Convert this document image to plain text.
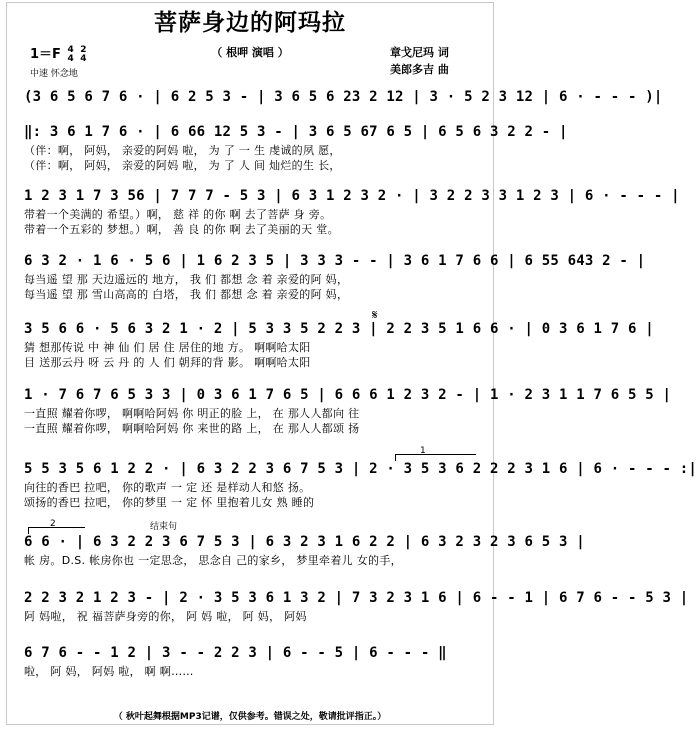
菩萨身边的阿玛拉
（ 根呷 演唱 ）	章戈尼玛 词
美郎多吉 曲
1＝F 4
4 2
4
中速 怀念地
(3 6 5 6 7 6 · | 6 2 5 3 - | 3 6 5 6 23 2 12 | 3 · 5 2 3 12 | 6 · - - - )|
‖: 3 6 1 7 6 · | 6 66 12 5 3 - | 3 6 5 67 6 5 | 6 5 6 3 2 2 - |
（伴：啊， 阿妈， 亲爱的阿妈 啦， 为 了 一 生 虔诚的夙 愿，
（伴：啊， 阿妈， 亲爱的阿妈 啦， 为 了 人 间 灿烂的生 长，
1 2 3 1 7 3 56 | 7 7 7 - 5 3 | 6 3 1 2 3 2 · | 3 2 2 3 3 1 2 3 | 6 · - - - |
带着一个美满的 希望。）啊， 慈 祥 的你 啊 去了菩萨 身 旁。
带着一个五彩的 梦想。）啊， 善 良 的你 啊 去了美丽的天 堂。
6 3 2 · 1 6 · 5 6 | 1 6 2 3 5 | 3 3 3 - - | 3 6 1 7 6 6 | 6 55 643 2 - |
每当遥 望 那 天边遥远的 地方， 我 们 都想 念 着 亲爱的阿 妈，
每当遥 望 那 雪山高高的 白塔， 我 们 都想 念 着 亲爱的阿 妈，
𝄋
3 5 6 6 · 5 6 3 2 1 · 2 | 5 3 3 5 2 2 3 | 2 2 3 5 1 6 6 · | 0 3 6 1 7 6 |
猜 想那传说 中 神 仙 们 居 住 居住的地 方。 啊啊哈太阳
目 送那云丹 呀 云 丹 的 人 们 朝拜的背 影。 啊啊哈太阳
1 · 7 6 7 6 5 3 3 | 0 3 6 1 7 6 5 | 6 6 6 1 2 3 2 - | 1 · 2 3 1 1 7 6 5 5 |
一直照 耀着你啰， 啊啊哈阿妈 你 明正的脸 上， 在 那人人都向 往
一直照 耀着你啰， 啊啊哈阿妈 你 来世的路 上， 在 那人人都颂 扬
1
5 5 3 5 6 1 2 2 · | 6 3 2 2 3 6 7 5 3 | 2 · 3 5 3 6 2 2 2 3 1 6 | 6 · - - - :|
向往的香巴 拉吧， 你的歌声 一 定 还 是样动人和悠 扬。
颂扬的香巴 拉吧， 你的梦里 一 定 怀 里抱着儿女 熟 睡的
2	结束句
6 6 · | 6 3 2 2 3 6 7 5 3 | 6 3 2 3 1 6 2 2 | 6 3 2 3 2 3 6 5 3 |
帐 房。D.S. 帐房你也 一定思念， 思念自 己的家乡， 梦里牵着儿 女的手，
2 2 3 2 1 2 3 - | 2 · 3 5 3 6 1 3 2 | 7 3 2 3 1 6 | 6 - - 1 | 6 7 6 - - 5 3 |
阿 妈啦， 祝 福菩萨身旁的你， 阿 妈 啦， 阿 妈， 阿妈
6 7 6 - - 1 2 | 3 - - 2 2 3 | 6 - - 5 | 6 - - - ‖
啦， 阿 妈， 阿妈 啦， 啊 啊……
（ 秋叶起舞根据MP3记谱，仅供参考。错误之处，敬请批评指正。）
